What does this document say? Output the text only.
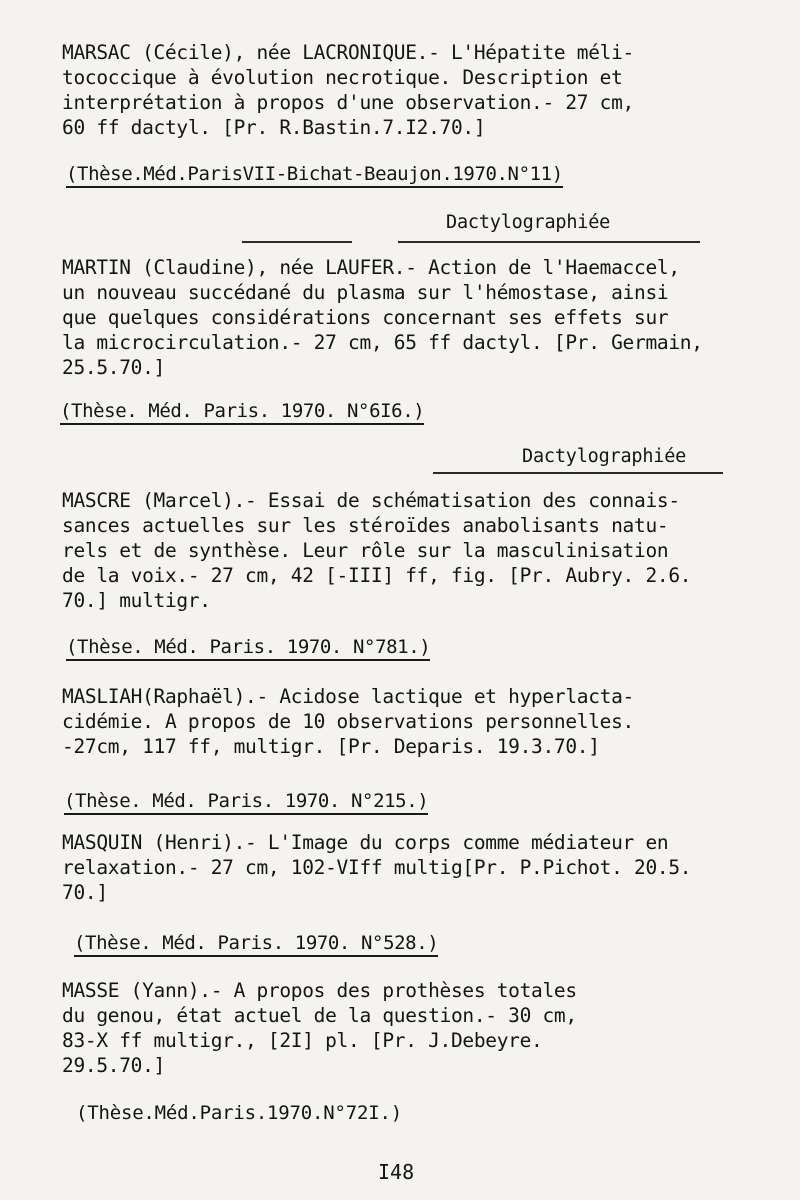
MARSAC (Cécile), née LACRONIQUE.- L'Hépatite méli-
tococcique à évolution necrotique. Description et
interprétation à propos d'une observation.- 27 cm,
60 ff dactyl. [Pr. R.Bastin.7.I2.70.]
(Thèse.Méd.ParisVII-Bichat-Beaujon.1970.N°11)
Dactylographiée
MARTIN (Claudine), née LAUFER.- Action de l'Haemaccel,
un nouveau succédané du plasma sur l'hémostase, ainsi
que quelques considérations concernant ses effets sur
la microcirculation.- 27 cm, 65 ff dactyl. [Pr. Germain,
25.5.70.]
(Thèse. Méd. Paris. 1970. N°6I6.)
Dactylographiée
MASCRE (Marcel).- Essai de schématisation des connais-
sances actuelles sur les stéroïdes anabolisants natu-
rels et de synthèse. Leur rôle sur la masculinisation
de la voix.- 27 cm, 42 [-III] ff, fig. [Pr. Aubry. 2.6.
70.] multigr.
(Thèse. Méd. Paris. 1970. N°781.)
MASLIAH(Raphaël).- Acidose lactique et hyperlacta-
cidémie. A propos de 10 observations personnelles.
-27cm, 117 ff, multigr. [Pr. Deparis. 19.3.70.]
(Thèse. Méd. Paris. 1970. N°215.)
MASQUIN (Henri).- L'Image du corps comme médiateur en
relaxation.- 27 cm, 102-VIff multig[Pr. P.Pichot. 20.5.
70.]
(Thèse. Méd. Paris. 1970. N°528.)
MASSE (Yann).- A propos des prothèses totales
du genou, état actuel de la question.- 30 cm,
83-X ff multigr., [2I] pl. [Pr. J.Debeyre.
29.5.70.]
(Thèse.Méd.Paris.1970.N°72I.)
I48
